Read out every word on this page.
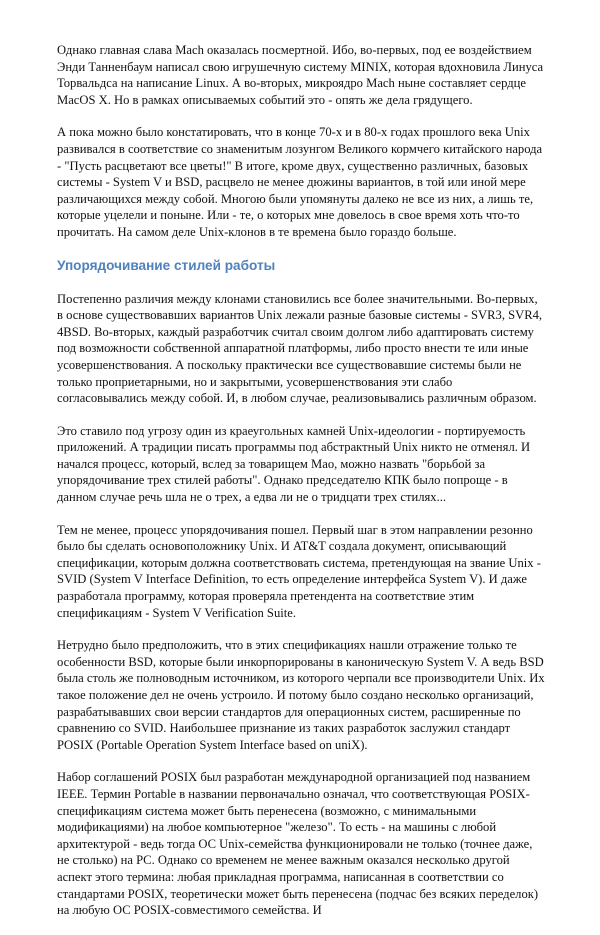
Однако главная слава Mach оказалась посмертной. Ибо, во-первых, под ее воздействием Энди Танненбаум написал свою игрушечную систему MINIX, которая вдохновила Линуса Торвальдса на написание Linux. А во-вторых, микроядро Mach ныне составляет сердце MacOS X. Но в рамках описываемых событий это - опять же дела грядущего.

А пока можно было констатировать, что в конце 70-х и в 80-х годах прошлого века Unix развивался в соответствие со знаменитым лозунгом Великого кормчего китайского народа - "Пусть расцветают все цветы!" В итоге, кроме двух, существенно различных, базовых системы - System V и BSD, расцвело не менее дюжины вариантов, в той или иной мере различающихся между собой. Многою были упомянуты далеко не все из них, а лишь те, которые уцелели и поныне. Или - те, о которых мне довелось в свое время хоть что-то прочитать. На самом деле Unix-клонов в те времена было гораздо больше.

Упорядочивание стилей работы

Постепенно различия между клонами становились все более значительными. Во-первых, в основе существовавших вариантов Unix лежали разные базовые системы - SVR3, SVR4, 4BSD. Во-вторых, каждый разработчик считал своим долгом либо адаптировать систему под возможности собственной аппаратной платформы, либо просто внести те или иные усовершенствования. А поскольку практически все существовавшие системы были не только проприетарными, но и закрытыми, усовершенствования эти слабо согласовывались между собой. И, в любом случае, реализовывались различным образом.

Это ставило под угрозу один из краеугольных камней Unix-идеологии - портируемость приложений. А традиции писать программы под абстрактный Unix никто не отменял. И начался процесс, который, вслед за товарищем Мао, можно назвать "борьбой за упорядочивание трех стилей работы". Однако председателю КПК было попроще - в данном случае речь шла не о трех, а едва ли не о тридцати трех стилях...

Тем не менее, процесс упорядочивания пошел. Первый шаг в этом направлении резонно было бы сделать основоположнику Unix. И AT&T создала документ, описывающий спецификации, которым должна соответствовать система, претендующая на звание Unix - SVID (System V Interface Definition, то есть определение интерфейса System V). И даже разработала программу, которая проверяла претендента на соответствие этим спецификациям - System V Verification Suite.

Нетрудно было предположить, что в этих спецификациях нашли отражение только те особенности BSD, которые были инкорпорированы в каноническую System V. А ведь BSD была столь же полноводным источником, из которого черпали все производители Unix. Их такое положение дел не очень устроило. И потому было создано несколько организаций, разрабатывавших свои версии стандартов для операционных систем, расширенные по сравнению со SVID. Наибольшее признание из таких разработок заслужил стандарт POSIX (Portable Operation System Interface based on uniX).

Набор соглашений POSIX был разработан международной организацией под названием IEEE. Термин Portable в названии первоначально означал, что соответствующая POSIX-спецификациям система может быть перенесена (возможно, с минимальными модификациями) на любое компьютерное "железо". То есть - на машины с любой архитектурой - ведь тогда ОС Unix-семейства функционировали не только (точнее даже, не столько) на PC. Однако со временем не менее важным оказался несколько другой аспект этого термина: любая прикладная программа, написанная в соответствии со стандартами POSIX, теоретически может быть перенесена (подчас без всяких переделок) на любую ОС POSIX-совместимого семейства. И
